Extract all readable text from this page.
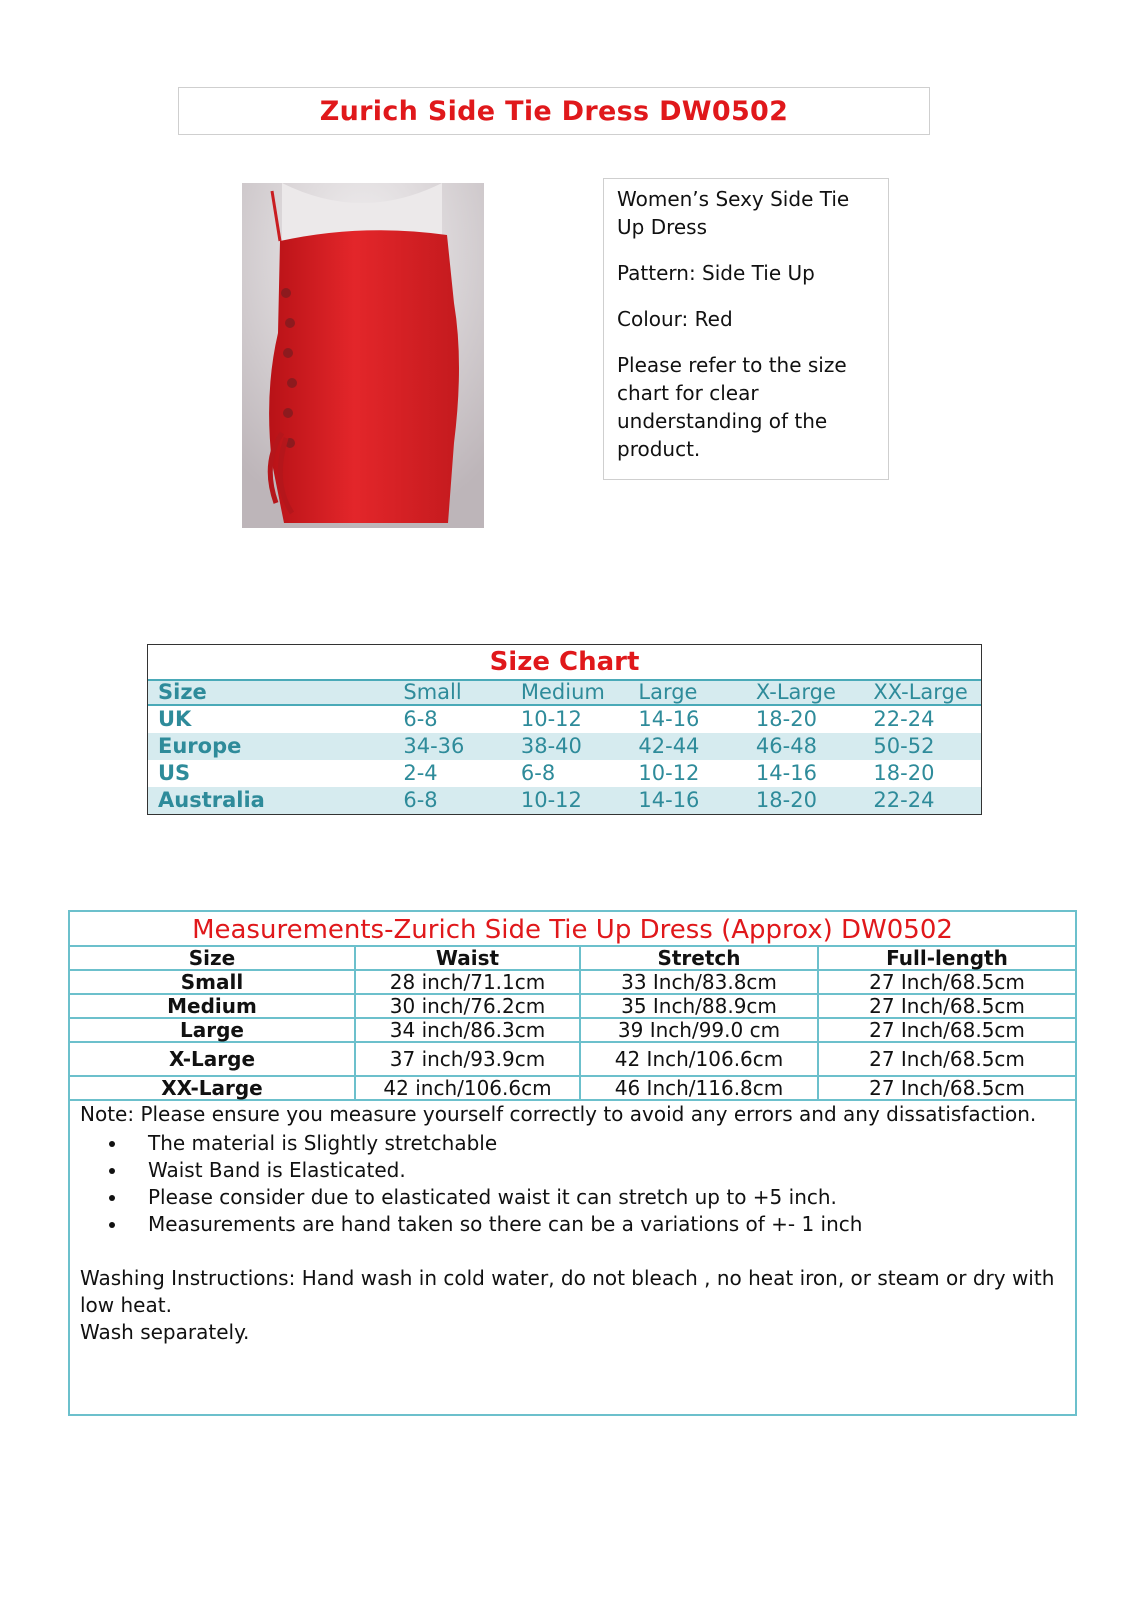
Zurich Side Tie Dress DW0502

Women’s Sexy Side Tie Up Dress

Pattern: Side Tie Up

Colour: Red

Please refer to the size chart for clear understanding of the product.

Size Chart
Size	Small	Medium	Large	X-Large	XX-Large
UK	6-8	10-12	14-16	18-20	22-24
Europe	34-36	38-40	42-44	46-48	50-52
US	2-4	6-8	10-12	14-16	18-20
Australia	6-8	10-12	14-16	18-20	22-24
Measurements-Zurich Side Tie Up Dress (Approx) DW0502
Size	Waist	Stretch	Full-length
Small	28 inch/71.1cm	33 Inch/83.8cm	27 Inch/68.5cm
Medium	30 inch/76.2cm	35 Inch/88.9cm	27 Inch/68.5cm
Large	34 inch/86.3cm	39 Inch/99.0 cm	27 Inch/68.5cm
X-Large	37 inch/93.9cm	42 Inch/106.6cm	27 Inch/68.5cm
XX-Large	42 inch/106.6cm	46 Inch/116.8cm	27 Inch/68.5cm

Note: Please ensure you measure yourself correctly to avoid any errors and any dissatisfaction.

• The material is Slightly stretchable
• Waist Band is Elasticated.
• Please consider due to elasticated waist it can stretch up to +5 inch.
• Measurements are hand taken so there can be a variations of +- 1 inch

Washing Instructions: Hand wash in cold water, do not bleach , no heat iron, or steam or dry with low heat.

Wash separately.
